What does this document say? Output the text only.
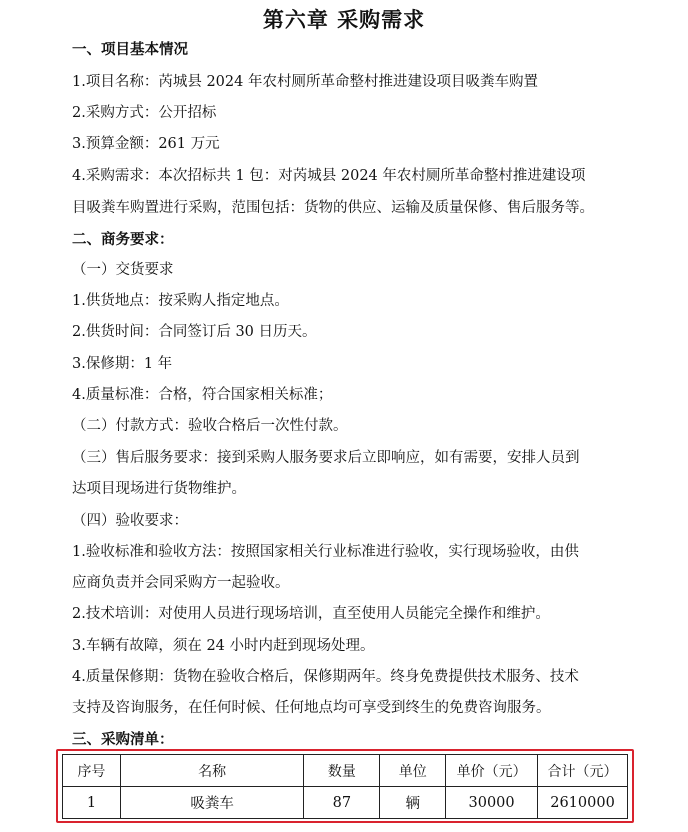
第六章 采购需求
一、项目基本情况
1.项目名称：芮城县 2024 年农村厕所革命整村推进建设项目吸粪车购置
2.采购方式：公开招标
3.预算金额：261 万元
4.采购需求：本次招标共 1 包：对芮城县 2024 年农村厕所革命整村推进建设项
目吸粪车购置进行采购，范围包括：货物的供应、运输及质量保修、售后服务等。
二、商务要求：
（一）交货要求
1.供货地点：按采购人指定地点。
2.供货时间：合同签订后 30 日历天。
3.保修期：1 年
4.质量标准：合格，符合国家相关标准；
（二）付款方式：验收合格后一次性付款。
（三）售后服务要求：接到采购人服务要求后立即响应，如有需要，安排人员到
达项目现场进行货物维护。
（四）验收要求：
1.验收标准和验收方法：按照国家相关行业标准进行验收，实行现场验收，由供
应商负责并会同采购方一起验收。
2.技术培训：对使用人员进行现场培训，直至使用人员能完全操作和维护。
3.车辆有故障，须在 24 小时内赶到现场处理。
4.质量保修期：货物在验收合格后，保修期两年。终身免费提供技术服务、技术
支持及咨询服务，在任何时候、任何地点均可享受到终生的免费咨询服务。
三、采购清单：
序号	名称	数量	单位	单价（元）	合计（元）
1	吸粪车	87	辆	30000	2610000
